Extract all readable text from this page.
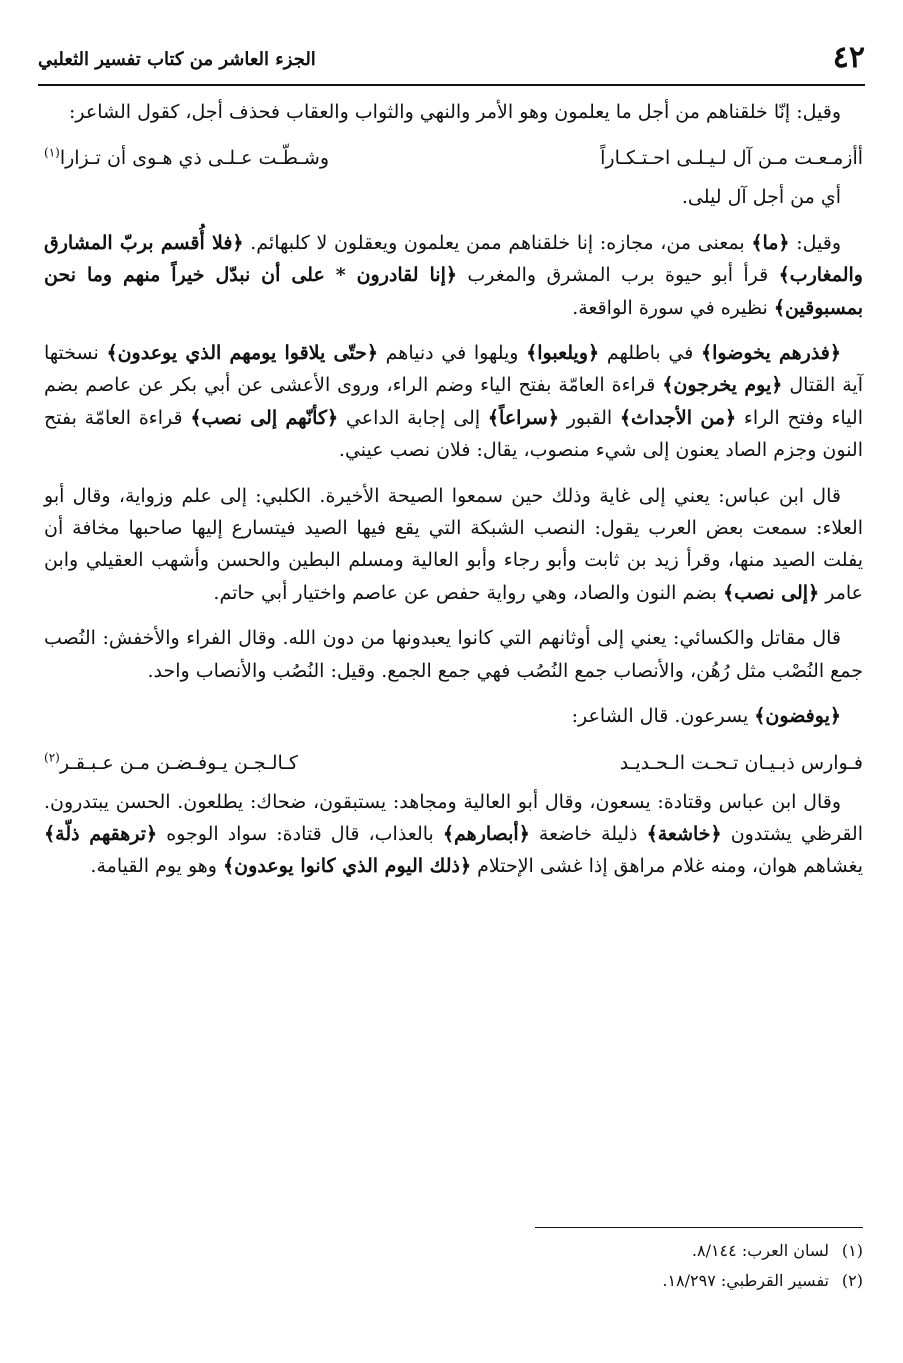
٤٢
الجزء العاشر من كتاب تفسير الثعلبي

وقيل: إنّا خلقناهم من أجل ما يعلمون وهو الأمر والنهي والثواب والعقاب فحذف أجل، كقول الشاعر:

أأزمـعـت مـن آل لـيـلـى احـتـكـاراً
وشـطّـت عـلـى ذي هـوى أن تـزارا$^{(١)}$

أي من أجل آل ليلى.

وقيل: ﴿ما﴾ بمعنى من، مجازه: إنا خلقناهم ممن يعلمون ويعقلون لا كلبهائم. ﴿فلا أُقسم بربّ المشارق والمغارب﴾ قرأ أبو حيوة برب المشرق والمغرب ﴿إنا لقادرون * على أن نبدّل خيراً منهم وما نحن بمسبوقين﴾ نظيره في سورة الواقعة.

﴿فذرهم يخوضوا﴾ في باطلهم ﴿ويلعبوا﴾ ويلهوا في دنياهم ﴿حتّى يلاقوا يومهم الذي يوعدون﴾ نسختها آية القتال ﴿يوم يخرجون﴾ قراءة العامّة بفتح الياء وضم الراء، وروى الأعشى عن أبي بكر عن عاصم بضم الياء وفتح الراء ﴿من الأجداث﴾ القبور ﴿سراعاً﴾ إلى إجابة الداعي ﴿كأنّهم إلى نصب﴾ قراءة العامّة بفتح النون وجزم الصاد يعنون إلى شيء منصوب، يقال: فلان نصب عيني.

قال ابن عباس: يعني إلى غاية وذلك حين سمعوا الصيحة الأخيرة. الكلبي: إلى علم وزواية، وقال أبو العلاء: سمعت بعض العرب يقول: النصب الشبكة التي يقع فيها الصيد فيتسارع إليها صاحبها مخافة أن يفلت الصيد منها، وقرأ زيد بن ثابت وأبو رجاء وأبو العالية ومسلم البطين والحسن وأشهب العقيلي وابن عامر ﴿إلى نصب﴾ بضم النون والصاد، وهي رواية حفص عن عاصم واختيار أبي حاتم.

قال مقاتل والكسائي: يعني إلى أوثانهم التي كانوا يعبدونها من دون الله. وقال الفراء والأخفش: النُصب جمع النُصْب مثل رُهُن، والأنصاب جمع النُصُب فهي جمع الجمع. وقيل: النُصُب والأنصاب واحد.

﴿يوفضون﴾ يسرعون. قال الشاعر:

فـوارس ذبـيـان تـحـت الـحـديـد
كـالـجـن يـوفـضـن مـن عـبـقـر$^{(٢)}$

وقال ابن عباس وقتادة: يسعون، وقال أبو العالية ومجاهد: يستبقون، ضحاك: يطلعون. الحسن يبتدرون. القرظي يشتدون ﴿خاشعة﴾ ذليلة خاضعة ﴿أبصارهم﴾ بالعذاب، قال قتادة: سواد الوجوه ﴿ترهقهم ذلّة﴾ يغشاهم هوان، ومنه غلام مراهق إذا غشى الإحتلام ﴿ذلك اليوم الذي كانوا يوعدون﴾ وهو يوم القيامة.

(١)لسان العرب: ٨/١٤٤.
(٢)تفسير القرطبي: ١٨/٢٩٧.
